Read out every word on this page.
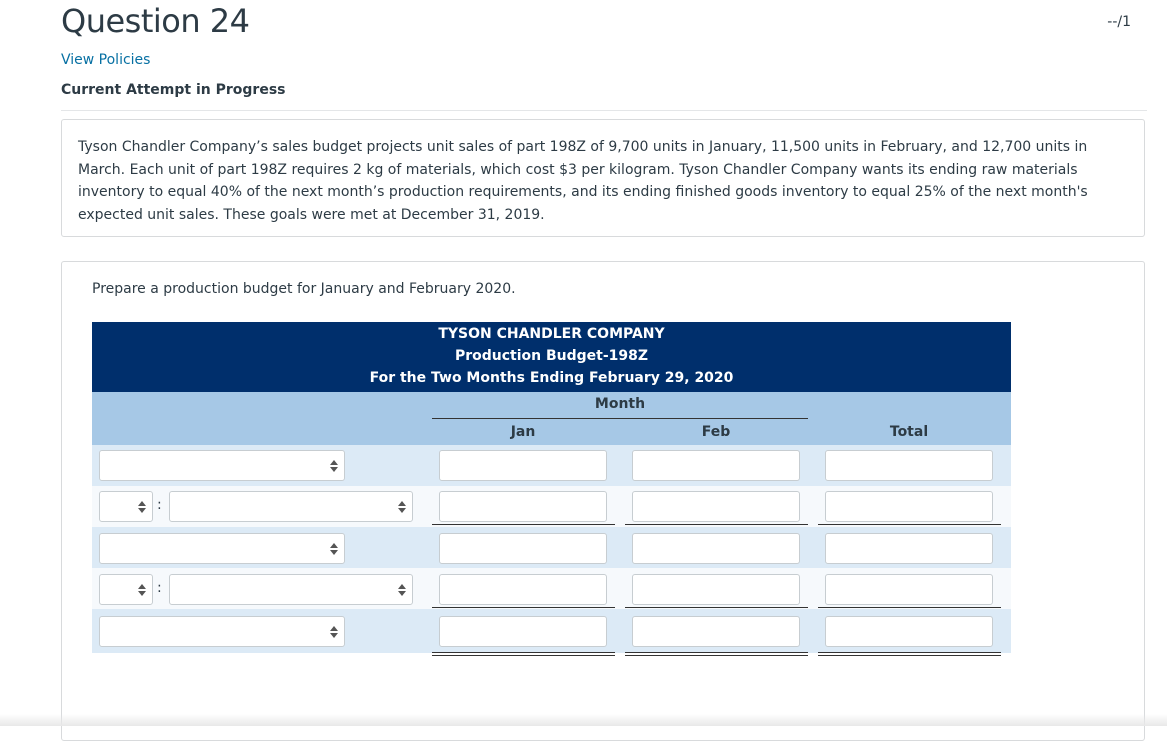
Question 24	--/1
View Policies
Current Attempt in Progress
Tyson Chandler Company’s sales budget projects unit sales of part 198Z of 9,700 units in January, 11,500 units in February, and 12,700 units in March. Each unit of part 198Z requires 2 kg of materials, which cost $3 per kilogram. Tyson Chandler Company wants its ending raw materials inventory to equal 40% of the next month’s production requirements, and its ending finished goods inventory to equal 25% of the next month's expected unit sales. These goals were met at December 31, 2019.
Prepare a production budget for January and February 2020.
TYSON CHANDLER COMPANY
Production Budget-198Z
For the Two Months Ending February 29, 2020
Month
Jan	Feb	Total
:
:
